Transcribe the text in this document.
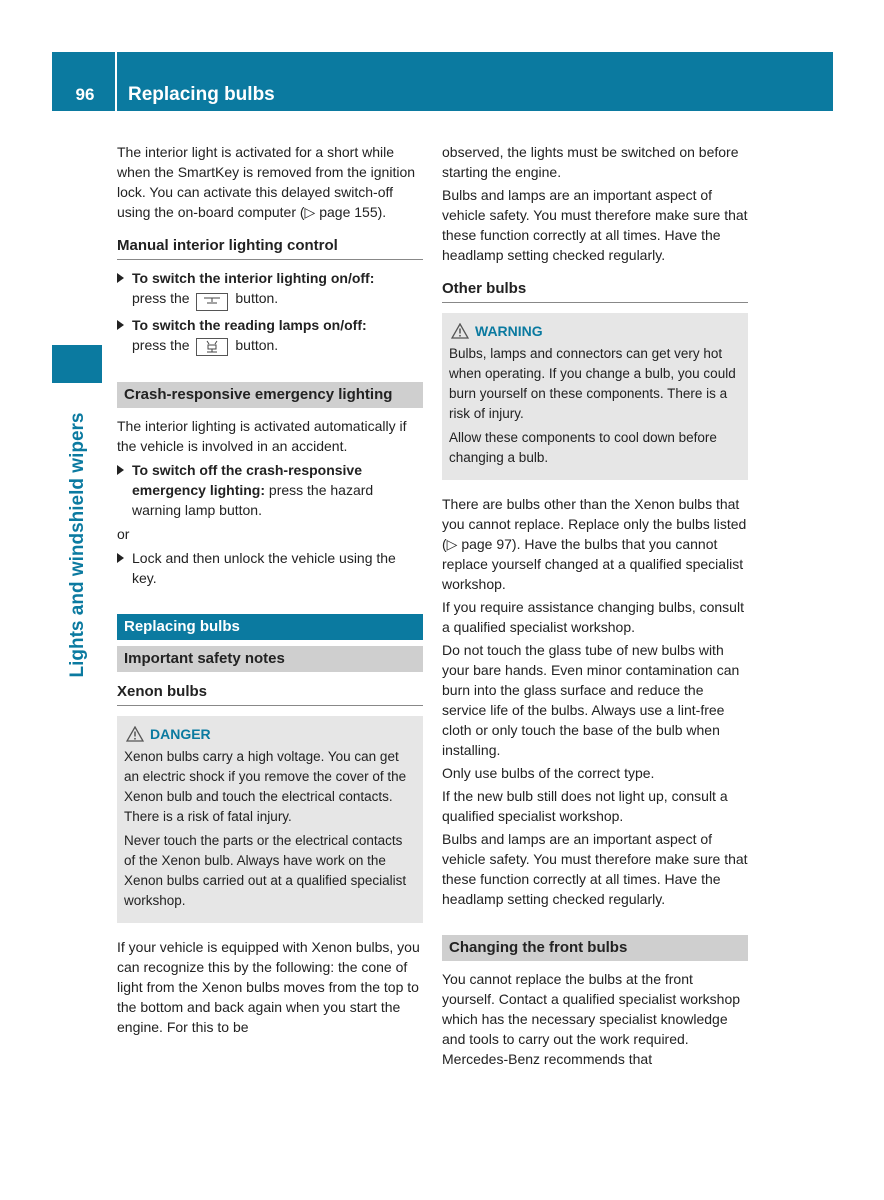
96	Replacing bulbs
Lights and windshield wipers

The interior light is activated for a short while when the SmartKey is removed from the ignition lock. You can activate this delayed switch-off using the on-board computer (▷ page 155).

Manual interior lighting control
To switch the interior lighting on/off:
press the	button.
To switch the reading lamps on/off:
press the	button.
Crash-responsive emergency lighting

The interior lighting is activated automatically if the vehicle is involved in an accident.

To switch off the crash-responsive emergency lighting: press the hazard warning lamp button.

or

Lock and then unlock the vehicle using the key.
Replacing bulbs
Important safety notes
Xenon bulbs
DANGER

Xenon bulbs carry a high voltage. You can get an electric shock if you remove the cover of the Xenon bulb and touch the electrical contacts. There is a risk of fatal injury.

Never touch the parts or the electrical contacts of the Xenon bulb. Always have work on the Xenon bulbs carried out at a qualified specialist workshop.

If your vehicle is equipped with Xenon bulbs, you can recognize this by the following: the cone of light from the Xenon bulbs moves from the top to the bottom and back again when you start the engine. For this to be

observed, the lights must be switched on before starting the engine.

Bulbs and lamps are an important aspect of vehicle safety. You must therefore make sure that these function correctly at all times. Have the headlamp setting checked regularly.

Other bulbs
WARNING

Bulbs, lamps and connectors can get very hot when operating. If you change a bulb, you could burn yourself on these components. There is a risk of injury.

Allow these components to cool down before changing a bulb.

There are bulbs other than the Xenon bulbs that you cannot replace. Replace only the bulbs listed (▷ page 97). Have the bulbs that you cannot replace yourself changed at a qualified specialist workshop.

If you require assistance changing bulbs, consult a qualified specialist workshop.

Do not touch the glass tube of new bulbs with your bare hands. Even minor contamination can burn into the glass surface and reduce the service life of the bulbs. Always use a lint-free cloth or only touch the base of the bulb when installing.

Only use bulbs of the correct type.

If the new bulb still does not light up, consult a qualified specialist workshop.

Bulbs and lamps are an important aspect of vehicle safety. You must therefore make sure that these function correctly at all times. Have the headlamp setting checked regularly.

Changing the front bulbs

You cannot replace the bulbs at the front yourself. Contact a qualified specialist workshop which has the necessary specialist knowledge and tools to carry out the work required. Mercedes-Benz recommends that
